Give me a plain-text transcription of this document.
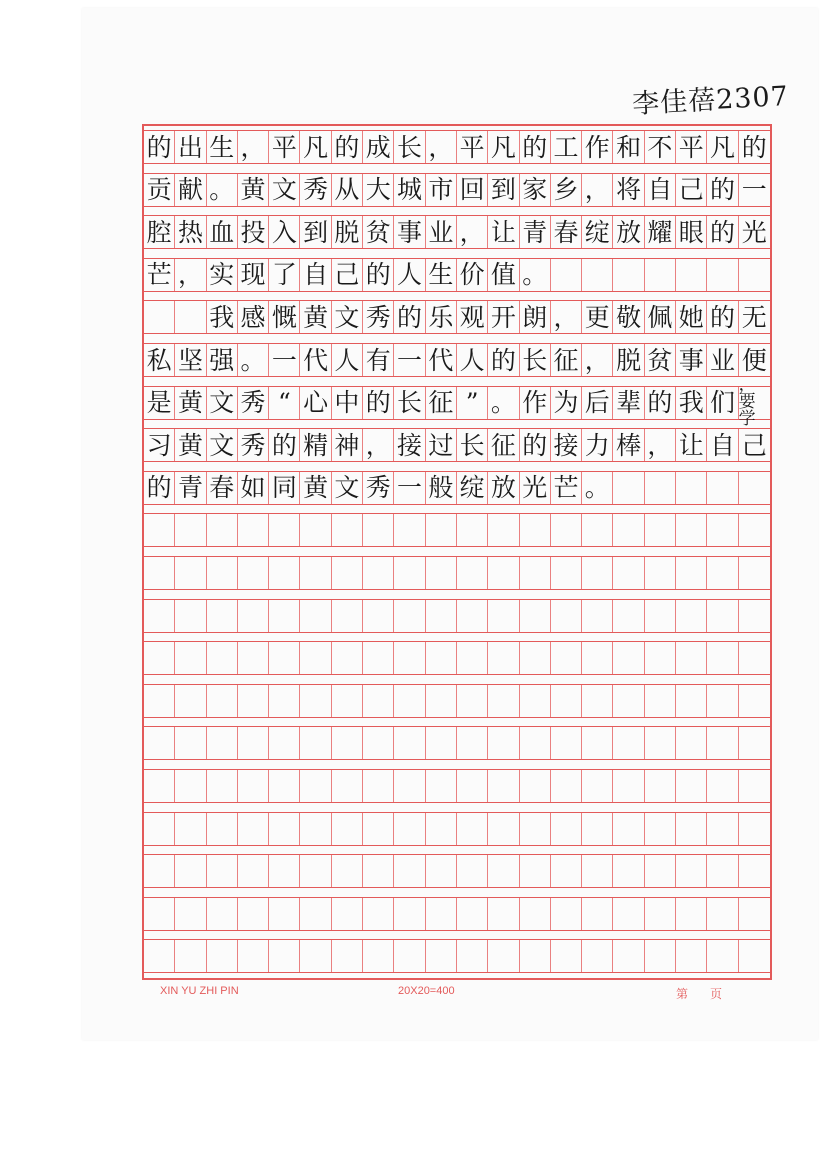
李佳蓓2307
的 出 生 ， 平 凡 的 成 长 ， 平 凡 的 工 作 和 不 平 凡 的
贡 献 。 黄 文 秀 从 大 城 市 回 到 家 乡 ， 将 自 己 的 一
腔 热 血 投 入 到 脱 贫 事 业 ， 让 青 春 绽 放 耀 眼 的 光
芒 ， 实 现 了 自 己 的 人 生 价 值 。

我 感 慨 黄 文 秀 的 乐 观 开 朗 ， 更 敬 佩 她 的 无
私 坚 强 。 一 代 人 有 一 代 人 的 长 征 ， 脱 贫 事 业 便
是 黄 文 秀 “ 心 中 的 长 征 ” 。 作 为 后 辈 的 我 们
，要学
习 黄 文 秀 的 精 神 ， 接 过 长 征 的 接 力 棒 ， 让 自 己
的 青 春 如 同 黄 文 秀 一 般 绽 放 光 芒 。
XIN YU ZHI PIN	20X20=400	第页
